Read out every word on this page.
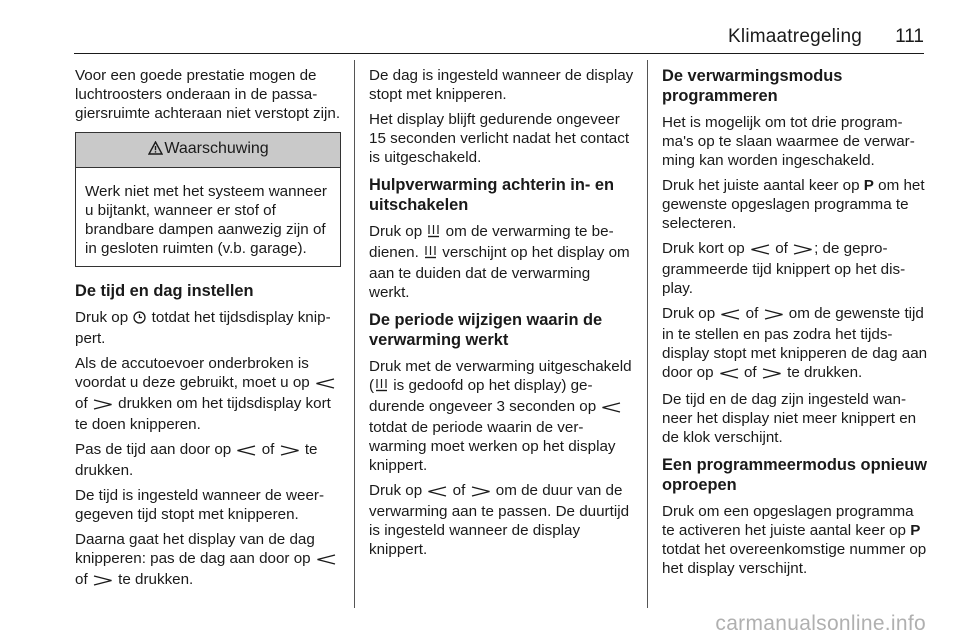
Klimaatregeling 111

Voor een goede prestatie mogen de luchtroosters onderaan in de passagiersruimte achteraan niet verstopt zijn.

Waarschuwing
Werk niet met het systeem wanneer u bijtankt, wanneer er stof of brandbare dampen aanwezig zijn of in gesloten ruimten (v.b. garage).
De tijd en dag instellen

Druk op totdat het tijdsdisplay knippert.

Als de accutoevoer onderbroken is voordat u deze gebruikt, moet u op  of drukken om het tijdsdisplay kort te doen knipperen.

Pas de tijd aan door op of te drukken.

De tijd is ingesteld wanneer de weergegeven tijd stopt met knipperen.

Daarna gaat het display van de dag knipperen: pas de dag aan door op  of te drukken.

De dag is ingesteld wanneer de display stopt met knipperen.

Het display blijft gedurende ongeveer 15 seconden verlicht nadat het contact is uitgeschakeld.

Hulpverwarming achterin in- en uitschakelen

Druk op om de verwarming te bedienen. verschijnt op het display om aan te duiden dat de verwarming werkt.

De periode wijzigen waarin de verwarming werkt

Druk met de verwarming uitgeschakeld ( is gedoofd op het display) gedurende ongeveer 3 seconden op  totdat de periode waarin de verwarming moet werken op het display knippert.

Druk op of om de duur van de verwarming aan te passen. De duurtijd is ingesteld wanneer de display knippert.

De verwarmingsmodus programmeren

Het is mogelijk om tot drie programma's op te slaan waarmee de verwarming kan worden ingeschakeld.

Druk het juiste aantal keer op P om het gewenste opgeslagen programma te selecteren.

Druk kort op of ; de geprogrammeerde tijd knippert op het display.

Druk op of om de gewenste tijd in te stellen en pas zodra het tijdsdisplay stopt met knipperen de dag aan door op of te drukken.

De tijd en de dag zijn ingesteld wanneer het display niet meer knippert en de klok verschijnt.

Een programmeermodus opnieuw oproepen

Druk om een opgeslagen programma te activeren het juiste aantal keer op P totdat het overeenkomstige nummer op het display verschijnt.

carmanualsonline.info
